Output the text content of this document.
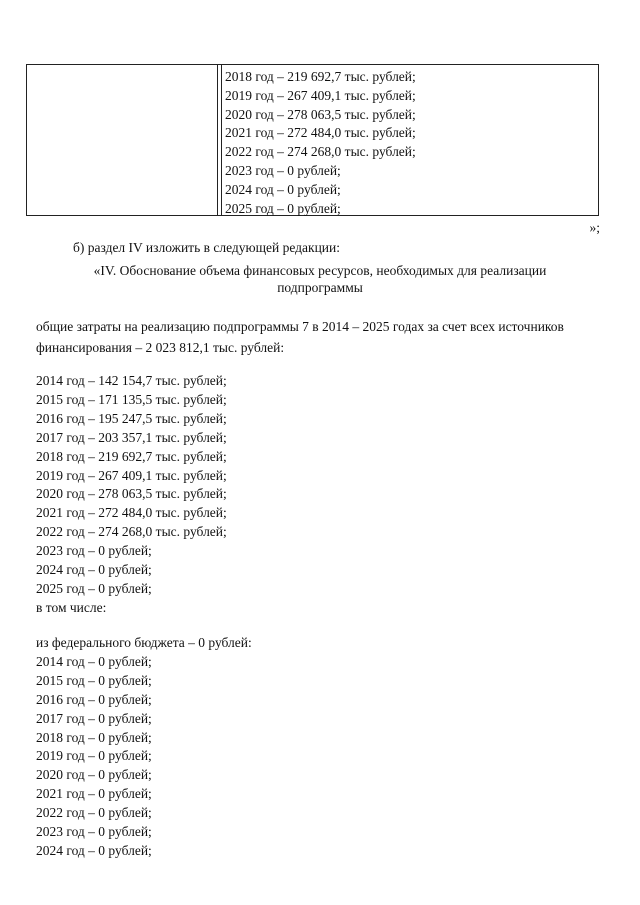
2018 год – 219 692,7 тыс. рублей;
2019 год – 267 409,1 тыс. рублей;
2020 год – 278 063,5 тыс. рублей;
2021 год – 272 484,0 тыс. рублей;
2022 год – 274 268,0 тыс. рублей;
2023 год – 0 рублей;
2024 год – 0 рублей;
2025 год – 0 рублей;
»;
б) раздел IV изложить в следующей редакции:
«IV. Обоснование объема финансовых ресурсов, необходимых для реализации
подпрограммы
общие затраты на реализацию подпрограммы 7 в 2014 – 2025 годах за счет всех источников
финансирования – 2 023 812,1 тыс. рублей:
2014 год – 142 154,7 тыс. рублей;
2015 год – 171 135,5 тыс. рублей;
2016 год – 195 247,5 тыс. рублей;
2017 год – 203 357,1 тыс. рублей;
2018 год – 219 692,7 тыс. рублей;
2019 год – 267 409,1 тыс. рублей;
2020 год – 278 063,5 тыс. рублей;
2021 год – 272 484,0 тыс. рублей;
2022 год – 274 268,0 тыс. рублей;
2023 год – 0 рублей;
2024 год – 0 рублей;
2025 год – 0 рублей;
в том числе:
из федерального бюджета – 0 рублей:
2014 год – 0 рублей;
2015 год – 0 рублей;
2016 год – 0 рублей;
2017 год – 0 рублей;
2018 год – 0 рублей;
2019 год – 0 рублей;
2020 год – 0 рублей;
2021 год – 0 рублей;
2022 год – 0 рублей;
2023 год – 0 рублей;
2024 год – 0 рублей;
